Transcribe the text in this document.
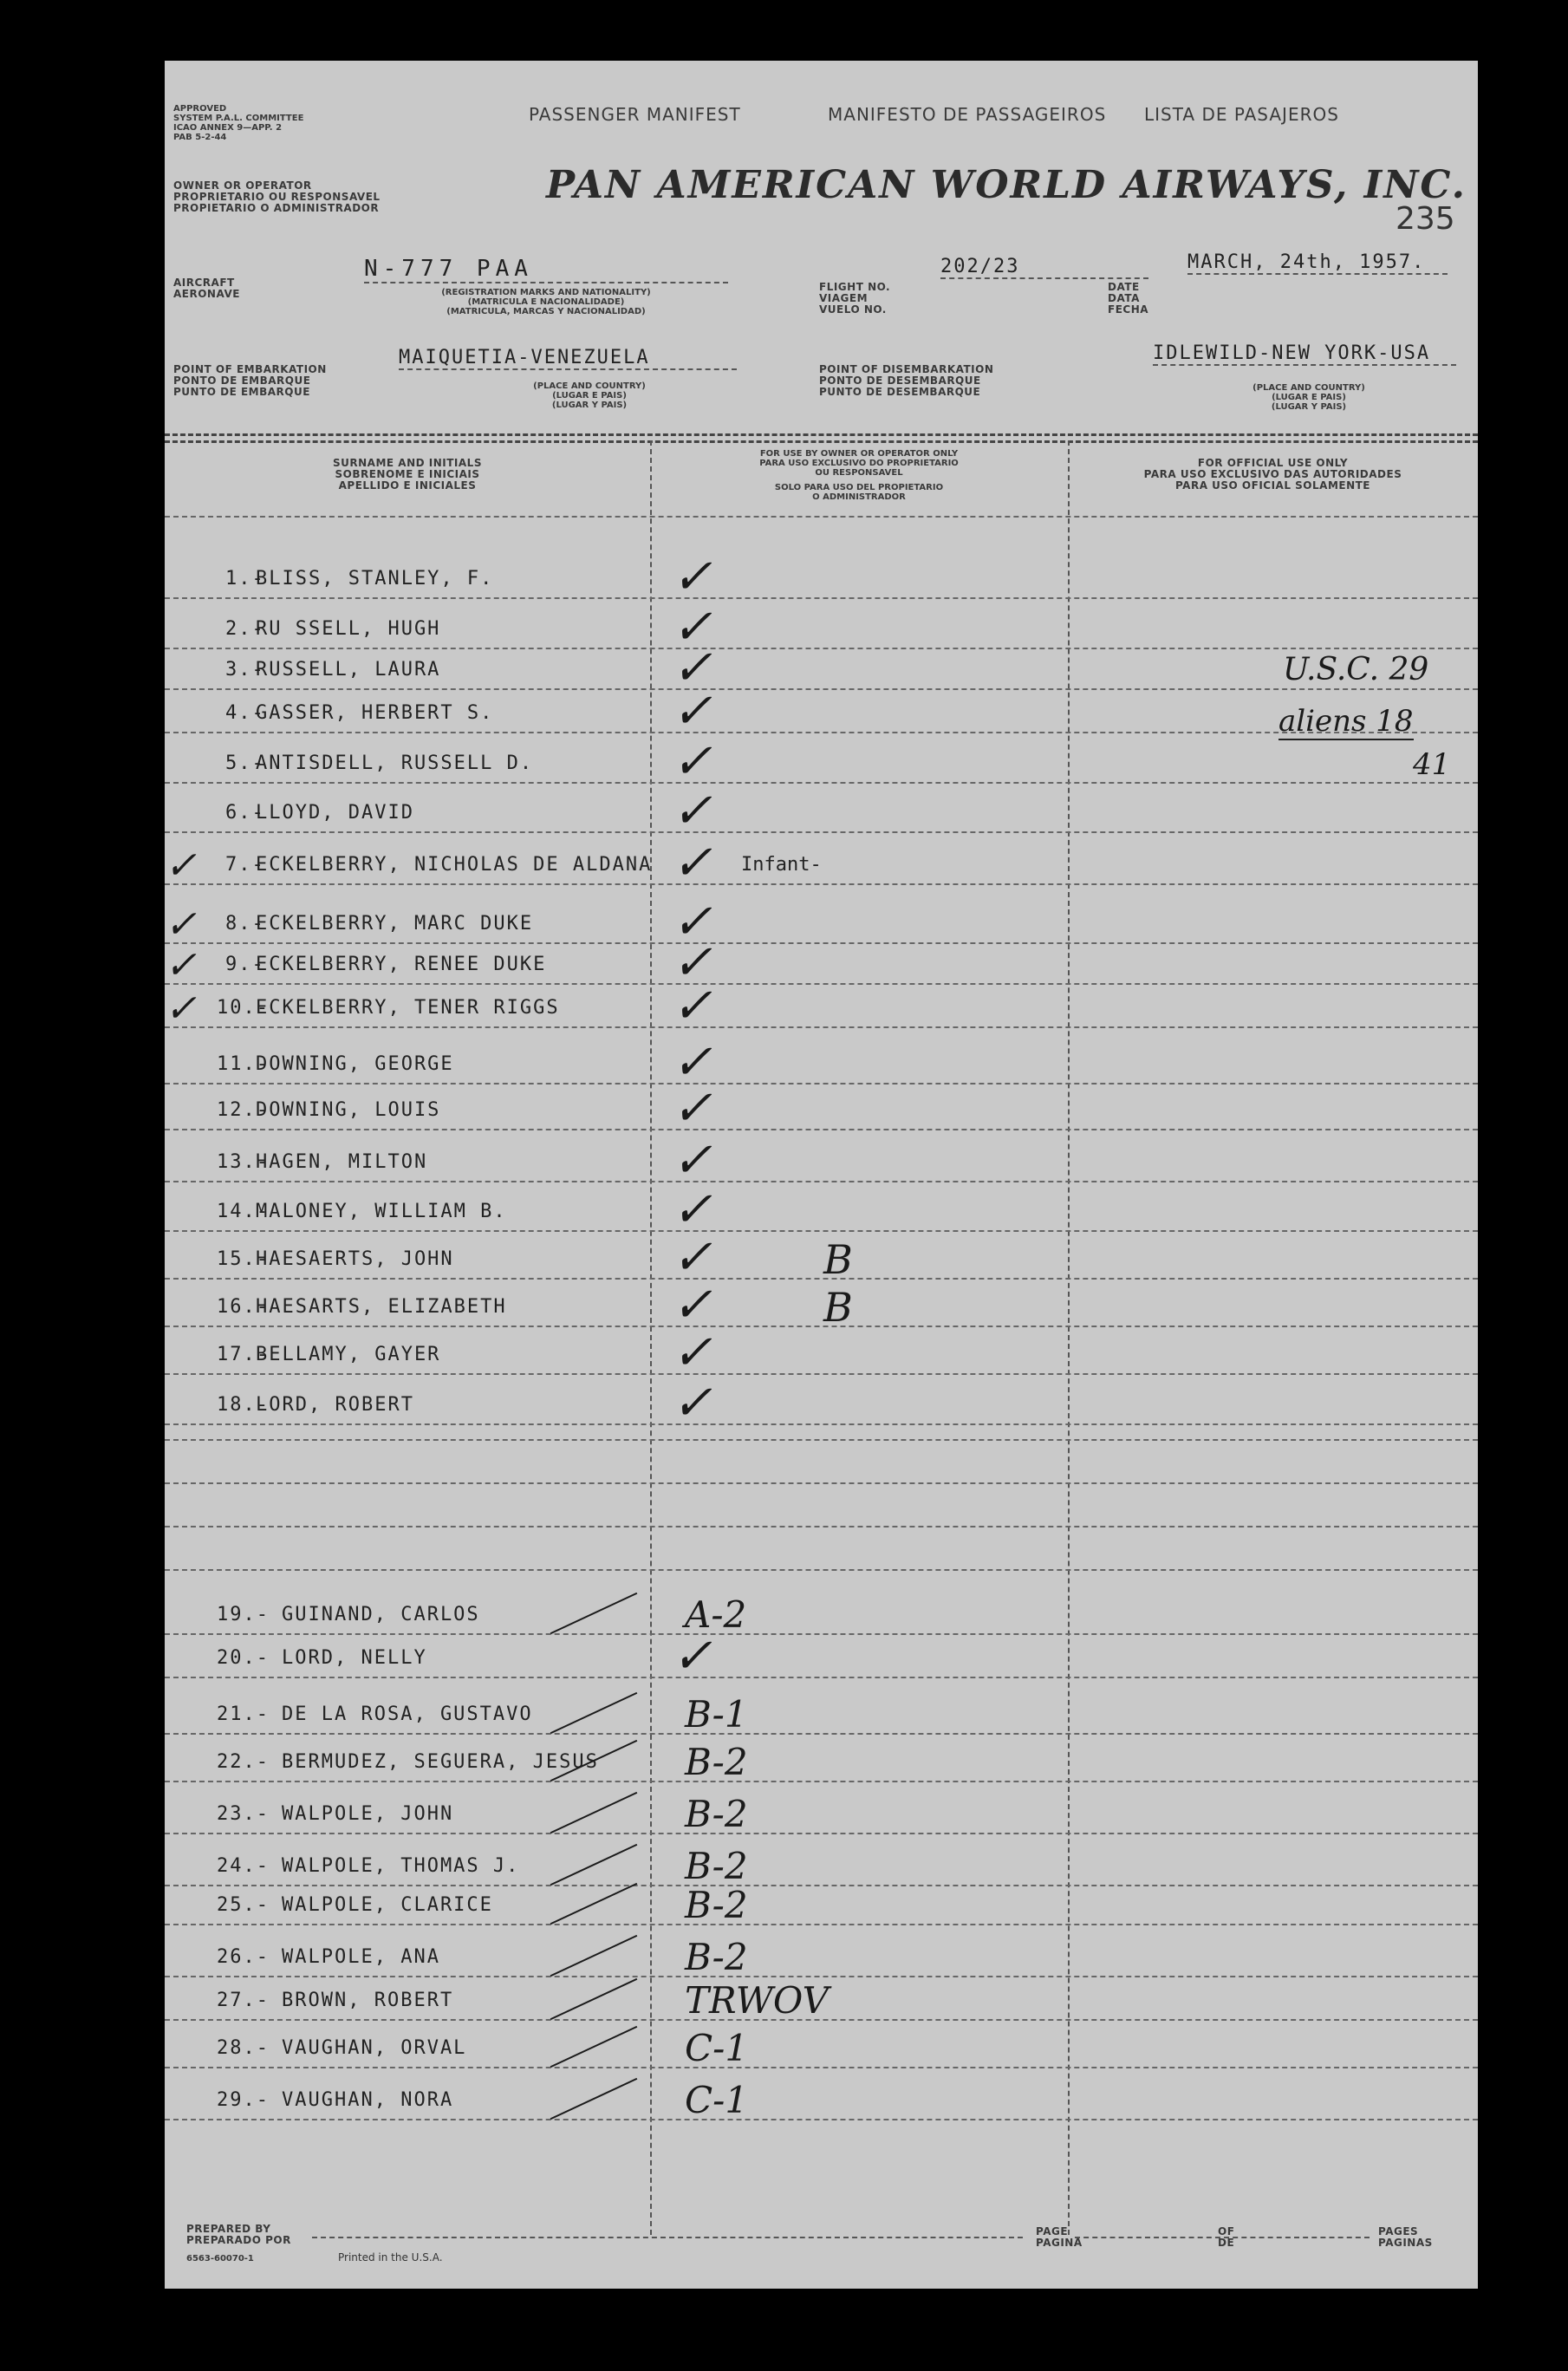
APPROVED
SYSTEM P.A.L. COMMITTEE
ICAO ANNEX 9—APP. 2
PAB 5-2-44
PASSENGER MANIFEST	MANIFESTO DE PASSAGEIROS LISTA DE PASAJEROS
OWNER OR OPERATOR
PROPRIETARIO OU RESPONSAVEL
PROPIETARIO O ADMINISTRADOR
PAN AMERICAN WORLD AIRWAYS, INC.
235
AIRCRAFT
AERONAVE
N-777 PAA
(REGISTRATION MARKS AND NATIONALITY)
(MATRICULA E NACIONALIDADE)
(MATRICULA, MARCAS Y NACIONALIDAD)
FLIGHT NO.
VIAGEM
VUELO NO.
202/23
DATE
DATA
FECHA
MARCH, 24th, 1957.
POINT OF EMBARKATION
PONTO DE EMBARQUE
PUNTO DE EMBARQUE
MAIQUETIA-VENEZUELA
(PLACE AND COUNTRY)
(LUGAR E PAIS)
(LUGAR Y PAIS)
POINT OF DISEMBARKATION
PONTO DE DESEMBARQUE
PUNTO DE DESEMBARQUE
IDLEWILD-NEW YORK-USA
(PLACE AND COUNTRY)
(LUGAR E PAIS)
(LUGAR Y PAIS)
SURNAME AND INITIALS
SOBRENOME E INICIAIS
APELLIDO E INICIALES
FOR USE BY OWNER OR OPERATOR ONLY
PARA USO EXCLUSIVO DO PROPRIETARIO
OU RESPONSAVEL
SOLO PARA USO DEL PROPIETARIO
O ADMINISTRADOR
FOR OFFICIAL USE ONLY
PARA USO EXCLUSIVO DAS AUTORIDADES
PARA USO OFICIAL SOLAMENTE
1.-
BLISS, STANLEY, F.	✓
2.-
RU SSELL, HUGH	✓
3.-
RUSSELL, LAURA	✓
4.-
GASSER, HERBERT S.	✓
5.-
ANTISDELL, RUSSELL D.	✓
6.-
LLOYD, DAVID	✓
7.-
ECKELBERRY, NICHOLAS DE ALDANA
✓	✓ Infant-
8.-
ECKELBERRY, MARC DUKE
✓	✓
9.-
ECKELBERRY, RENEE DUKE
✓	✓
10.-
ECKELBERRY, TENER RIGGS
✓	✓
11.-
DOWNING, GEORGE	✓
12.-
DOWNING, LOUIS	✓
13.-
HAGEN, MILTON	✓
14.-
MALONEY, WILLIAM B.	✓
15.-
HAESAERTS, JOHN	✓	B
16.-
HAESARTS, ELIZABETH	✓	B
17.-
BELLAMY, GAYER	✓
18.-
LORD, ROBERT	✓
19.- GUINAND, CARLOS	A-2
20.- LORD, NELLY	✓
21.- DE LA ROSA, GUSTAVO	B-1
22.- BERMUDEZ, SEGUERA, JESUS B-2
23.- WALPOLE, JOHN	B-2
24.- WALPOLE, THOMAS J.	B-2
25.- WALPOLE, CLARICE	B-2
26.- WALPOLE, ANA	B-2
27.- BROWN, ROBERT	TRWOV
28.- VAUGHAN, ORVAL	C-1
29.- VAUGHAN, NORA	C-1
U.S.C. 29
aliens 18
41
PREPARED BY
PREPARADO POR
6563-60070-1	Printed in the U.S.A.
PAGE
PAGINA
OF
DE
PAGES
PAGINAS
